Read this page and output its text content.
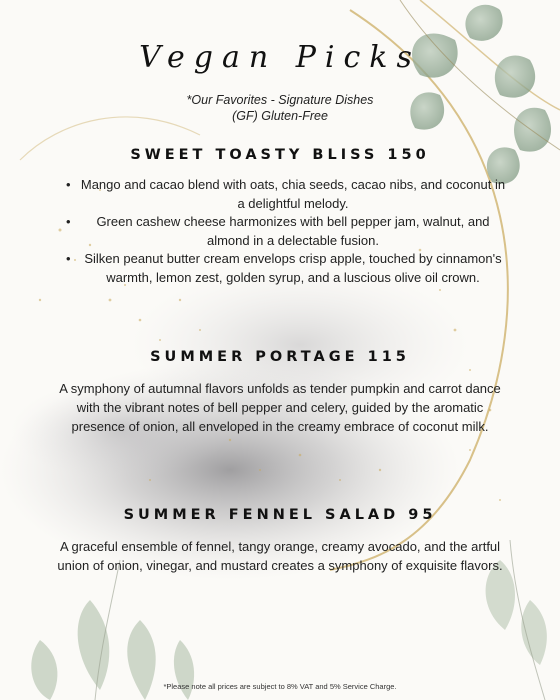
Vegan Picks
*Our Favorites - Signature Dishes
(GF) Gluten-Free
SWEET TOASTY BLISS 150
• Mango and cacao blend with oats, chia seeds, cacao nibs, and coconut in a delightful melody.
• Green cashew cheese harmonizes with bell pepper jam, walnut, and almond in a delectable fusion.
• Silken peanut butter cream envelops crisp apple, touched by cinnamon's warmth, lemon zest, golden syrup, and a luscious olive oil crown.
SUMMER PORTAGE 115
A symphony of autumnal flavors unfolds as tender pumpkin and carrot dance with the vibrant notes of bell pepper and celery, guided by the aromatic presence of onion, all enveloped in the creamy embrace of coconut milk.
SUMMER FENNEL SALAD 95
A graceful ensemble of fennel, tangy orange, creamy avocado, and the artful union of onion, vinegar, and mustard creates a symphony of exquisite flavors.
*Please note all prices are subject to 8% VAT and 5% Service Charge.
